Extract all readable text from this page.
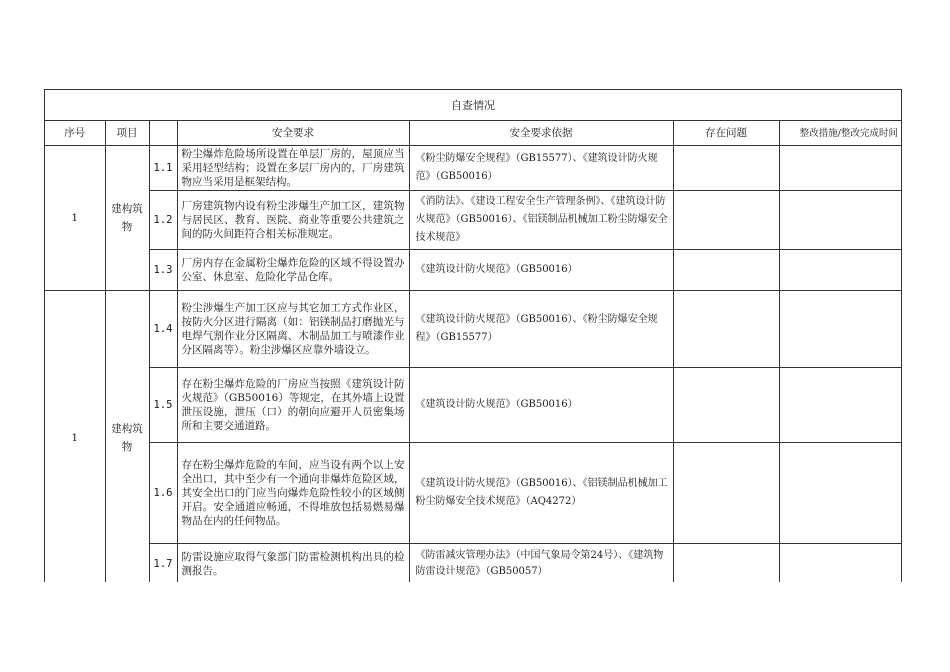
自查情况
序号	项目		安全要求	安全要求依据	存在问题	整改措施/整改完成时间
1	建构筑物	1.1	粉尘爆炸危险场所设置在单层厂房的，屋顶应当采用轻型结构；设置在多层厂房内的，厂房建筑物应当采用是框架结构。	《粉尘防爆安全规程》（GB15577）、《建筑设计防火规范》（GB50016）		
		1.2	厂房建筑物内设有粉尘涉爆生产加工区，建筑物与居民区、教育、医院、商业等重要公共建筑之间的防火间距符合相关标准规定。	《消防法》、《建设工程安全生产管理条例》、《建筑设计防火规范》（GB50016）、《铝镁制品机械加工粉尘防爆安全技术规范》		
		1.3	厂房内存在金属粉尘爆炸危险的区域不得设置办公室、休息室、危险化学品仓库。	《建筑设计防火规范》（GB50016）		
1	建构筑物	1.4	粉尘涉爆生产加工区应与其它加工方式作业区，按防火分区进行隔离（如：铝镁制品打磨抛光与电焊气割作业分区隔离、木制品加工与喷漆作业分区隔离等）。粉尘涉爆区应靠外墙设立。	《建筑设计防火规范》（GB50016）、《粉尘防爆安全规程》（GB15577）		
		1.5	存在粉尘爆炸危险的厂房应当按照《建筑设计防火规范》（GB50016）等规定，在其外墙上设置泄压设施，泄压（口）的朝向应避开人员密集场所和主要交通道路。	《建筑设计防火规范》（GB50016）		
		1.6	存在粉尘爆炸危险的车间，应当设有两个以上安全出口，其中至少有一个通向非爆炸危险区域，其安全出口的门应当向爆炸危险性较小的区域侧开启。安全通道应畅通，不得堆放包括易燃易爆物品在内的任何物品。	《建筑设计防火规范》（GB50016）、《铝镁制品机械加工粉尘防爆安全技术规范》（AQ4272）		
		1.7	防雷设施应取得气象部门防雷检测机构出具的检测报告。	《防雷减灾管理办法》（中国气象局令第24号）、《建筑物防雷设计规范》（GB50057）		
